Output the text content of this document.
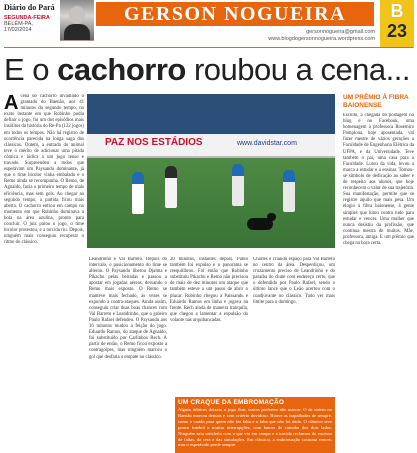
Diário do Pará
SEGUNDA-FEIRA
BELÉM-PA,
17/02/2014
GERSON NOGUEIRA	B
23
gersonnogueira@gmail.com
www.blogdogersonnogueira.wordpress.com
E o cachorro roubou a cena...
A cena do cachorro invadindo o gramado do Baenão, aos 41 minutos do segundo tempo, no exato instante em que Robinho podia definir o jogo, foi um dos episódios mais insólitos da história do Re-Pa (122 jogos) em todos os tempos. Não há registro de ocorrência parecida na longa saga dos clássicos. Ontem, a entrada do animal teve o mérito de adicionar uma pitada cômica e lúdica a um jogo tenso e travado. Surpreendeu a todos que esperavam um Paysandu dominante, já que o time bicolor vinha embalado e o Remo ainda se recompunha. O Remo, de Agnaldo, fazia o primeiro tempo de mais eficiência, mas sem gols. Ao chegar ao segundo tempo, a partida ficou mais aberta. O cachorro entrou em campo no momento em que Robinho dominava a bola na área azulina, pronto para concluir. O juiz parou o jogo, o time bicolor protestou, e a torcida riu. Depois, ninguém mais conseguiu recuperar o ritmo do clássico.

PAZ NOS ESTÁDIOS	www.davidstar.com

Leandrinho e Val Barreto. Depois do intervalo, o posicionamento do time se alterou. O Paysandu liberou Djalma e Pikachu pelas beiradas e passou a apostar em jogadas aéreas, deixando o Remo mais exposto. O Remo se manteve mais fechado, às vezes se expondo a contra-ataques. Ainda assim, conseguiu criar duas boas chances com Val Barreto e Leandrinho, que o goleiro Paulo Rafael defendeu. O Paysandu aos 16 minutos mudou a feição do jogo. Eduardo Ramos, do ataque de Agnaldo, foi substituído por Carlinhos Rech. A partir de então, o Remo ficou exposto a contragolpes, mas ninguém marcou o gol que desfaria o empate no clássico.

20 minutos, instantes depois. Pablo também foi expulso e o panorama se reequilibrou. Foi então que Robinho substituiu Pikachu e Remo não precisou de mais de dez minutos um ataque que também esteve a um passo de abrir o placar. Robinho chegou a Paissandu e Eduardo Ramos em linha e jogava na frente. Rech ainda de maneira tranquila, que chegou a lamentar a expulsão do volante nas arquibancadas.

Charles e criando espaço para Val Barreto no centro da área. Desperdiçou, um cruzamento preciso de Leandrinho e do paraíba do chute com endereço certo, que o defendido por Paulo Rafael, sendo o último lance que o Leão acertou com o coadjuvante no clássico. Tudo ver mais limite para o domingo.

UM CRAQUE DA EMBROMAÇÃO

Alguns árbitros deixam o jogo fluir, outros preferem não marcar. O de ontem no Baenão marcou demais e com critério duvidoso. Houve as trapalhadas de sempre, como o cartão para quem não fez falta e a falta que não foi dada. O clássico teve pouco futebol e muitas interrupções, com lances de catimba dos dois lados. Ninguém saiu satisfeito com o que viu em campo e a torcida reclamou do excesso de faltas, da cera e das simulações. Em clássico, a embromação costuma vencer, mas o espetáculo perde sempre.

UM PRÊMIO À FIBRA BAIONENSE

Escolhi, a chegada do postagem no blog e no Facebook, uma homenagem à professora Rosemiro Pamplona, hoje aposentada, vai fazer mestre de vários gerações a Faculdade de Engenharia Elétrica da UFPA, e da Universidade. Teve também o pai, uma casa para a Faculdade. Lutou da vida, levou a marca a estudar e a ensinar. Tornou-se símbolo de dedicação ao saber e de respeito aos alunos, que hoje reconhecem o valor de sua trajetória. Sua manifestação, permite que se registre aquilo que mais pesa. Um elogio à fibra baionense, à gente simples que lutou contra tudo para estudar e vencer. Uma mulher que nunca desistiu da profissão, que continua mestra de muitos. Mãe, professora, amiga. E um prêmio que chega na hora certa.
